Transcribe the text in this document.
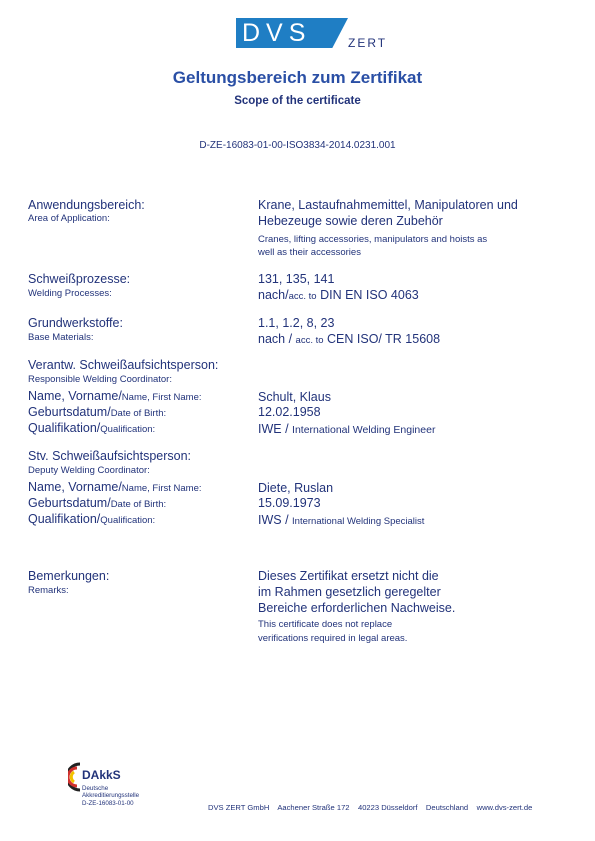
DVS	ZERT
Geltungsbereich zum Zertifikat
Scope of the certificate
D-ZE-16083-01-00-ISO3834-2014.0231.001
Anwendungsbereich:
Area of Application:
Krane, Lastaufnahmemittel, Manipulatoren und
Hebezeuge sowie deren Zubehör
Cranes, lifting accessories, manipulators and hoists as
well as their accessories
Schweißprozesse:
Welding Processes:
131, 135, 141
nach/acc. to DIN EN ISO 4063
Grundwerkstoffe:
Base Materials:
1.1, 1.2, 8, 23
nach / acc. to CEN ISO/ TR 15608
Verantw. Schweißaufsichtsperson:
Responsible Welding Coordinator:
Name, Vorname/Name, First Name:
Geburtsdatum/Date of Birth:
Qualifikation/Qualification:
Schult, Klaus
12.02.1958
IWE / International Welding Engineer
Stv. Schweißaufsichtsperson:
Deputy Welding Coordinator:
Name, Vorname/Name, First Name:
Geburtsdatum/Date of Birth:
Qualifikation/Qualification:
Diete, Ruslan
15.09.1973
IWS / International Welding Specialist
Bemerkungen:
Remarks:
Dieses Zertifikat ersetzt nicht die
im Rahmen gesetzlich geregelter
Bereiche erforderlichen Nachweise.
This certificate does not replace
verifications required in legal areas.
DAkkS
Deutsche
Akkreditierungsstelle
D-ZE-16083-01-00	DVS ZERT GmbH    Aachener Straße 172    40223 Düsseldorf    Deutschland    www.dvs-zert.de
